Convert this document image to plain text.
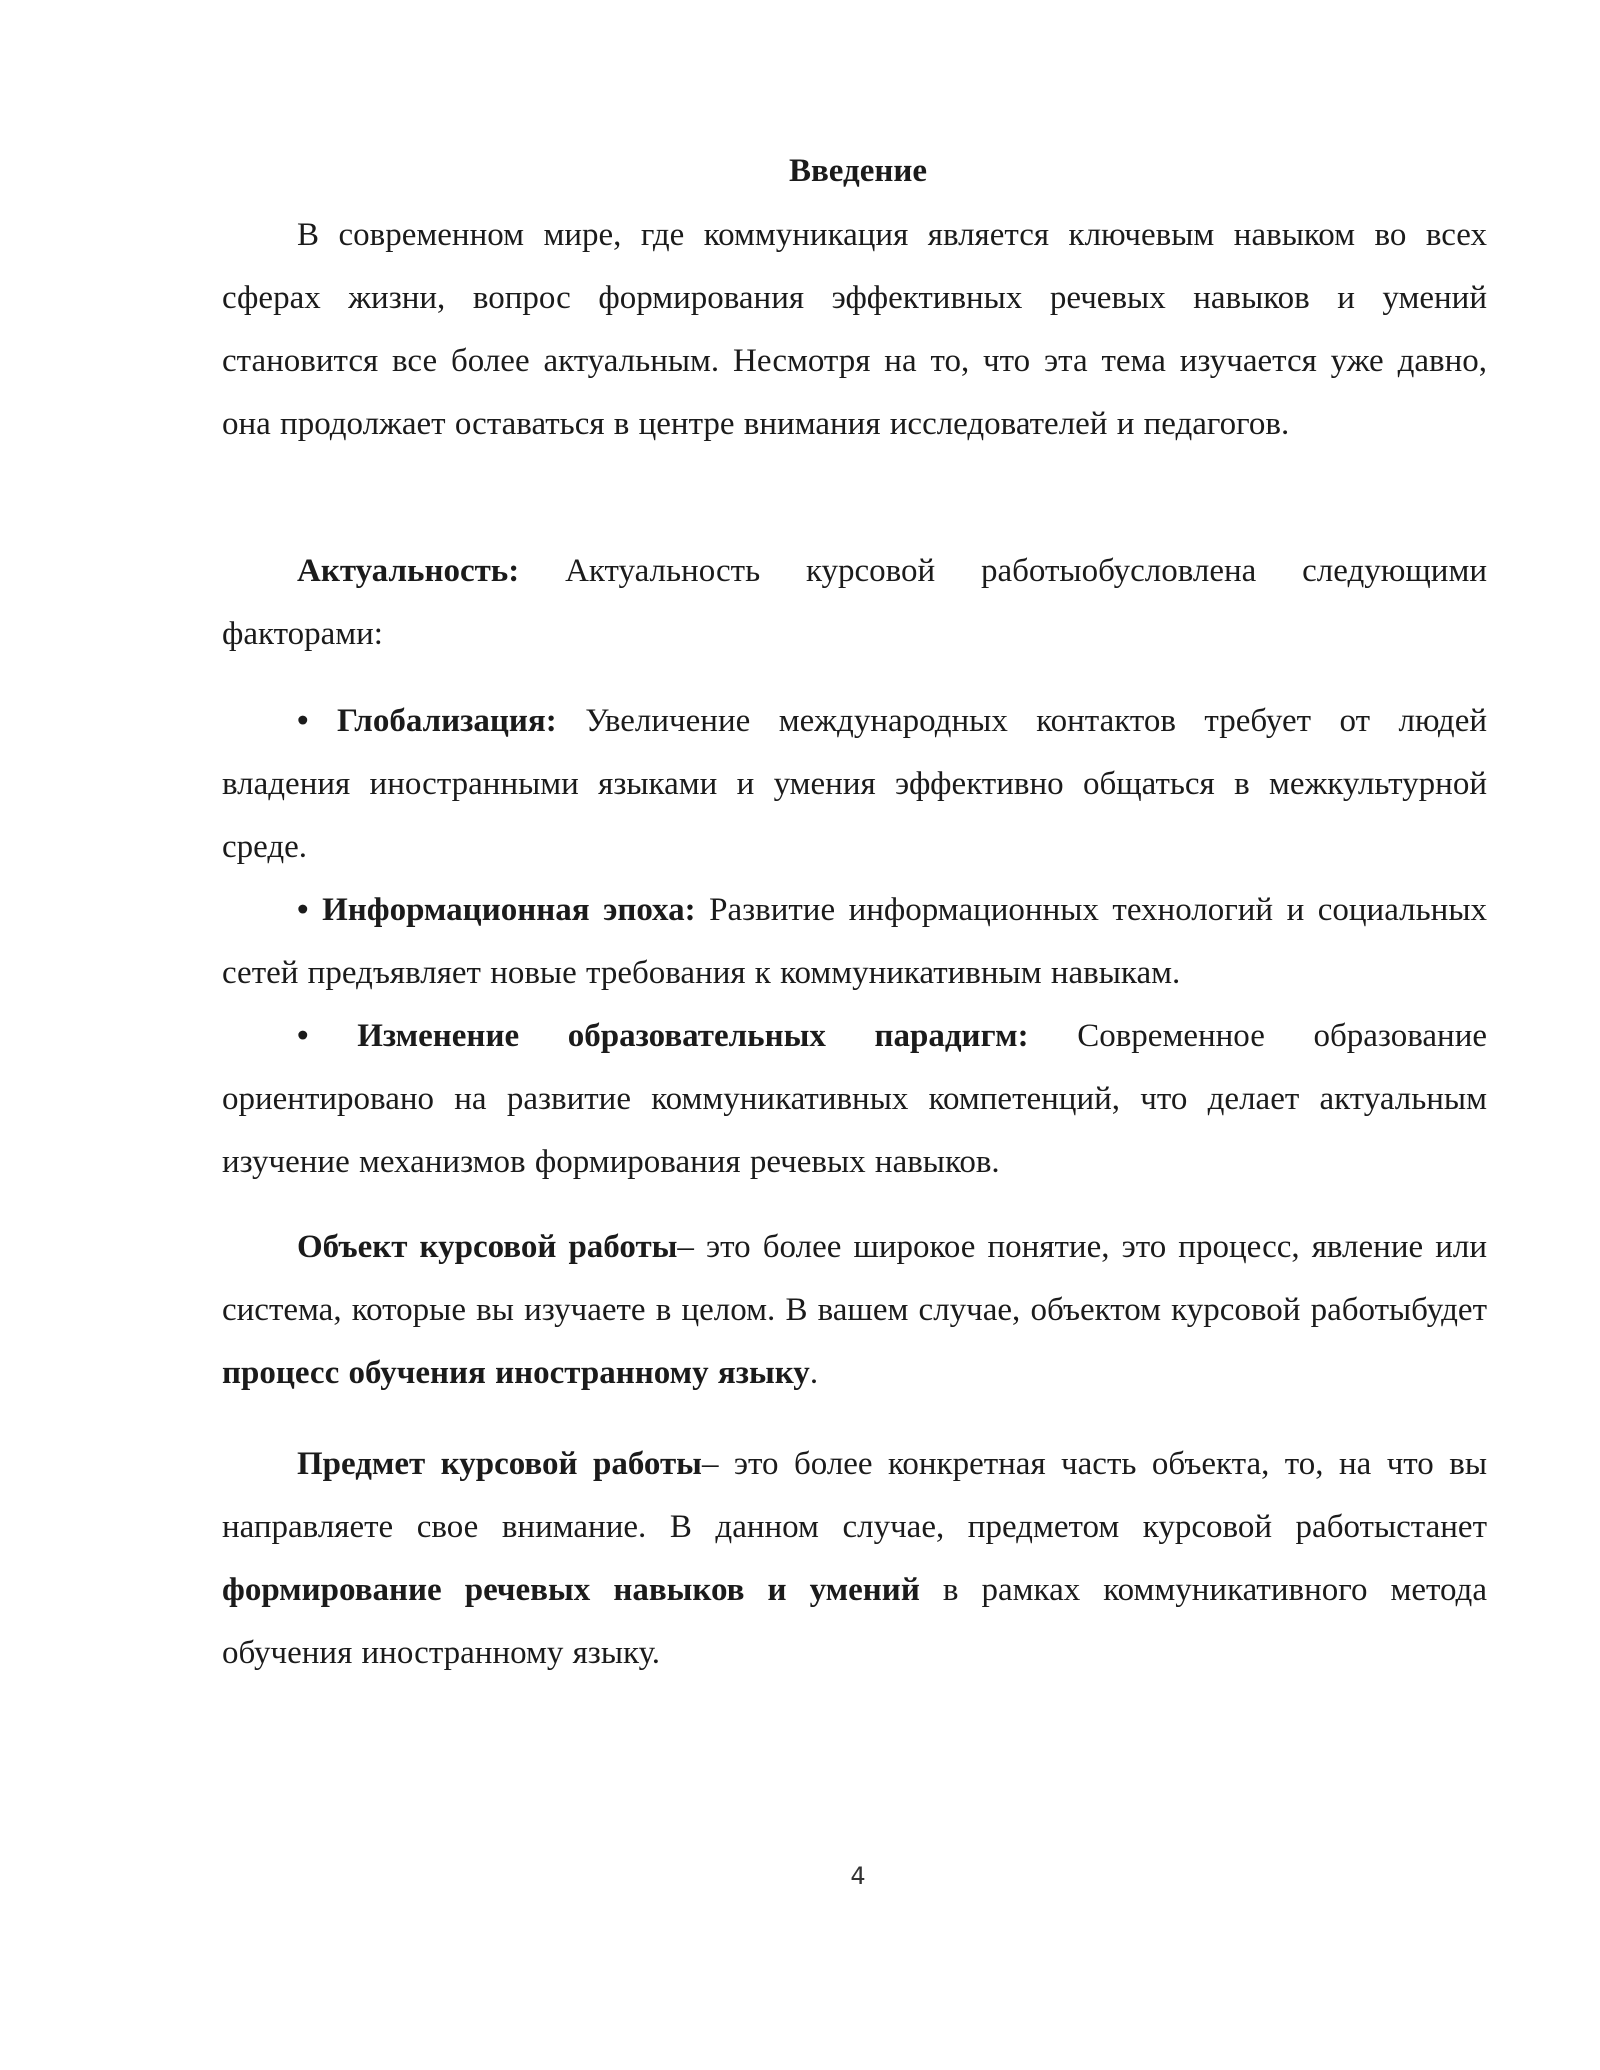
Введение

В современном мире, где коммуникация является ключевым навыком во всех сферах жизни, вопрос формирования эффективных речевых навыков и умений становится все более актуальным. Несмотря на то, что эта тема изучается уже давно, она продолжает оставаться в центре внимания исследователей и педагогов.

Актуальность: Актуальность курсовой работыобусловлена следующими факторами:

• Глобализация: Увеличение международных контактов требует от людей владения иностранными языками и умения эффективно общаться в межкультурной среде.

• Информационная эпоха: Развитие информационных технологий и социальных сетей предъявляет новые требования к коммуникативным навыкам.

• Изменение образовательных парадигм: Современное образование ориентировано на развитие коммуникативных компетенций, что делает актуальным изучение механизмов формирования речевых навыков.

Объект курсовой работы– это более широкое понятие, это процесс, явление или система, которые вы изучаете в целом. В вашем случае, объектом курсовой работыбудет процесс обучения иностранному языку.

Предмет курсовой работы– это более конкретная часть объекта, то, на что вы направляете свое внимание. В данном случае, предметом курсовой работыстанет формирование речевых навыков и умений в рамках коммуникативного метода обучения иностранному языку.

4
